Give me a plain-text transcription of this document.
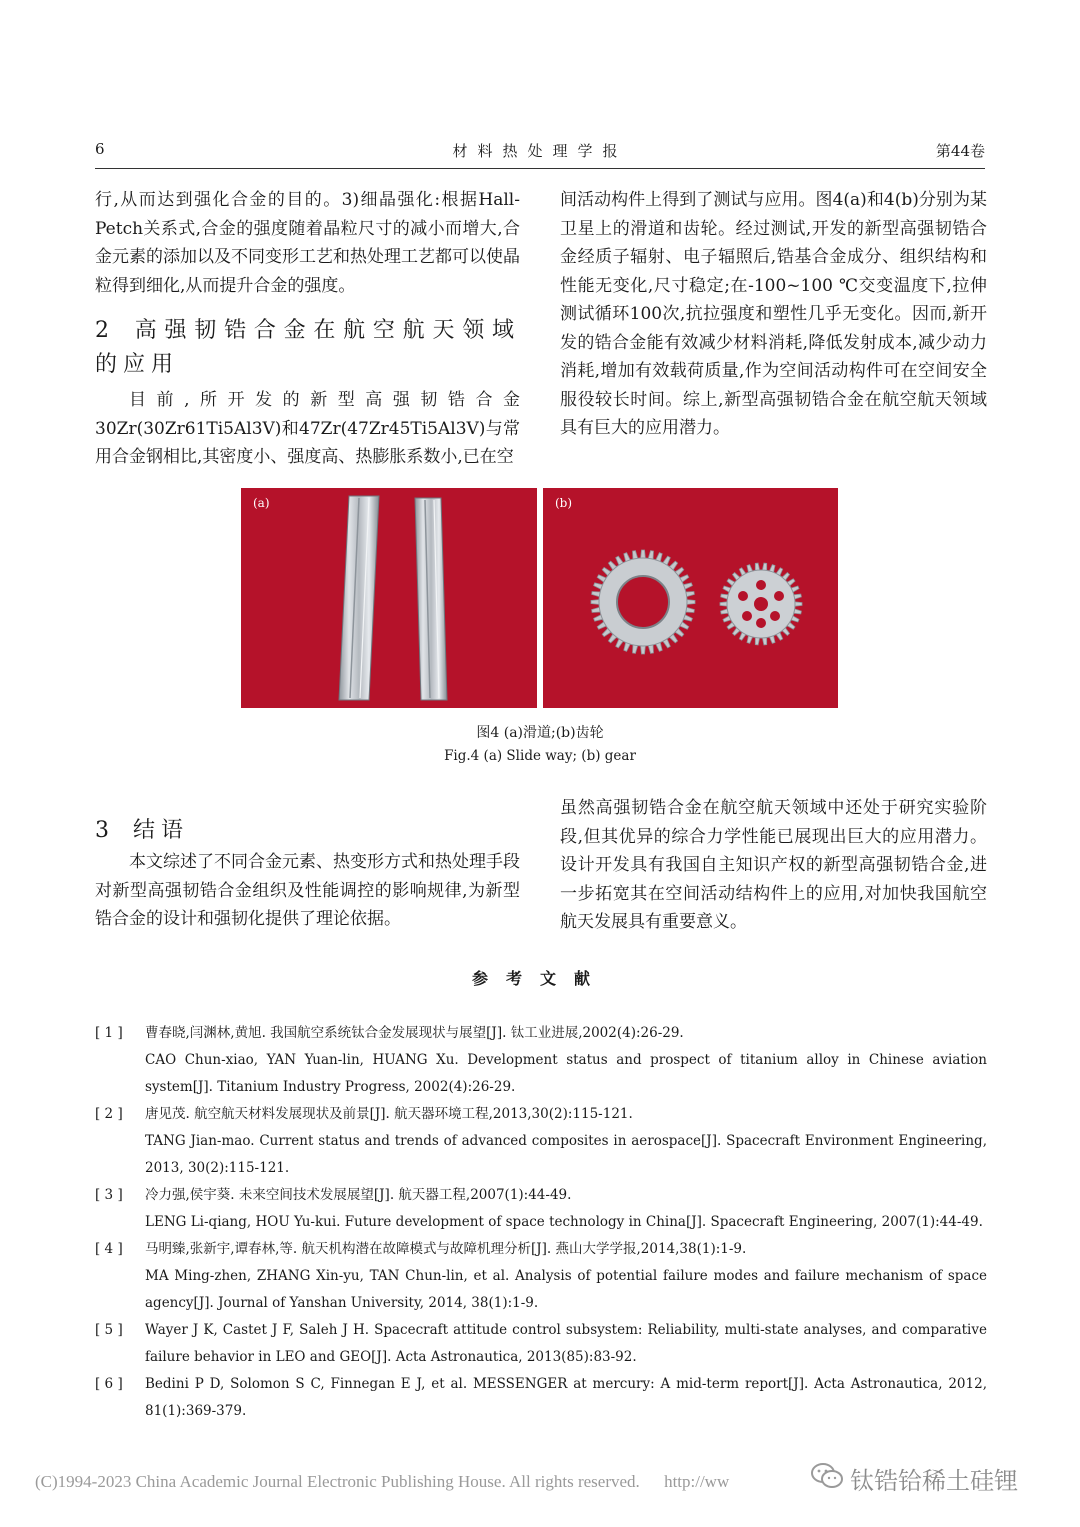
6	材料热处理学报	第44卷

行,从而达到强化合金的目的。3)细晶强化:根据Hall-Petch关系式,合金的强度随着晶粒尺寸的减小而增大,合金元素的添加以及不同变形工艺和热处理工艺都可以使晶粒得到细化,从而提升合金的强度。

2 高强韧锆合金在航空航天领域的应用

目前,所开发的新型高强韧锆合金30Zr(30Zr61Ti5Al3V)和47Zr(47Zr45Ti5Al3V)与常用合金钢相比,其密度小、强度高、热膨胀系数小,已在空

间活动构件上得到了测试与应用。图4(a)和4(b)分别为某卫星上的滑道和齿轮。经过测试,开发的新型高强韧锆合金经质子辐射、电子辐照后,锆基合金成分、组织结构和性能无变化,尺寸稳定;在-100~100 ℃交变温度下,拉伸测试循环100次,抗拉强度和塑性几乎无变化。因而,新开发的锆合金能有效减少材料消耗,降低发射成本,减少动力消耗,增加有效载荷质量,作为空间活动构件可在空间安全服役较长时间。综上,新型高强韧锆合金在航空航天领域具有巨大的应用潜力。

(a)	(b)
图4 (a)滑道;(b)齿轮
Fig.4 (a) Slide way; (b) gear
3 结语

本文综述了不同合金元素、热变形方式和热处理手段对新型高强韧锆合金组织及性能调控的影响规律,为新型锆合金的设计和强韧化提供了理论依据。

虽然高强韧锆合金在航空航天领域中还处于研究实验阶段,但其优异的综合力学性能已展现出巨大的应用潜力。设计开发具有我国自主知识产权的新型高强韧锆合金,进一步拓宽其在空间活动结构件上的应用,对加快我国航空航天发展具有重要意义。

参考文献
[ 1 ]	曹春晓,闫渊林,黄旭. 我国航空系统钛合金发展现状与展望[J]. 钛工业进展,2002(4):26-29.
CAO Chun-xiao, YAN Yuan-lin, HUANG Xu. Development status and prospect of titanium alloy in Chinese aviation system[J]. Titanium Industry Progress, 2002(4):26-29.
[ 2 ]	唐见茂. 航空航天材料发展现状及前景[J]. 航天器环境工程,2013,30(2):115-121.
TANG Jian-mao. Current status and trends of advanced composites in aerospace[J]. Spacecraft Environment Engineering, 2013, 30(2):115-121.
[ 3 ]	冷力强,侯宇葵. 未来空间技术发展展望[J]. 航天器工程,2007(1):44-49.
LENG Li-qiang, HOU Yu-kui. Future development of space technology in China[J]. Spacecraft Engineering, 2007(1):44-49.
[ 4 ]	马明臻,张新宇,谭春林,等. 航天机构潜在故障模式与故障机理分析[J]. 燕山大学学报,2014,38(1):1-9.
MA Ming-zhen, ZHANG Xin-yu, TAN Chun-lin, et al. Analysis of potential failure modes and failure mechanism of space agency[J]. Journal of Yanshan University, 2014, 38(1):1-9.
[ 5 ]	Wayer J K, Castet J F, Saleh J H. Spacecraft attitude control subsystem: Reliability, multi-state analyses, and comparative failure behavior in LEO and GEO[J]. Acta Astronautica, 2013(85):83-92.
[ 6 ]	Bedini P D, Solomon S C, Finnegan E J, et al. MESSENGER at mercury: A mid-term report[J]. Acta Astronautica, 2012, 81(1):369-379.
(C)1994-2023 China Academic Journal Electronic Publishing House. All rights reserved. http://ww	钛锆铪稀土硅锂
